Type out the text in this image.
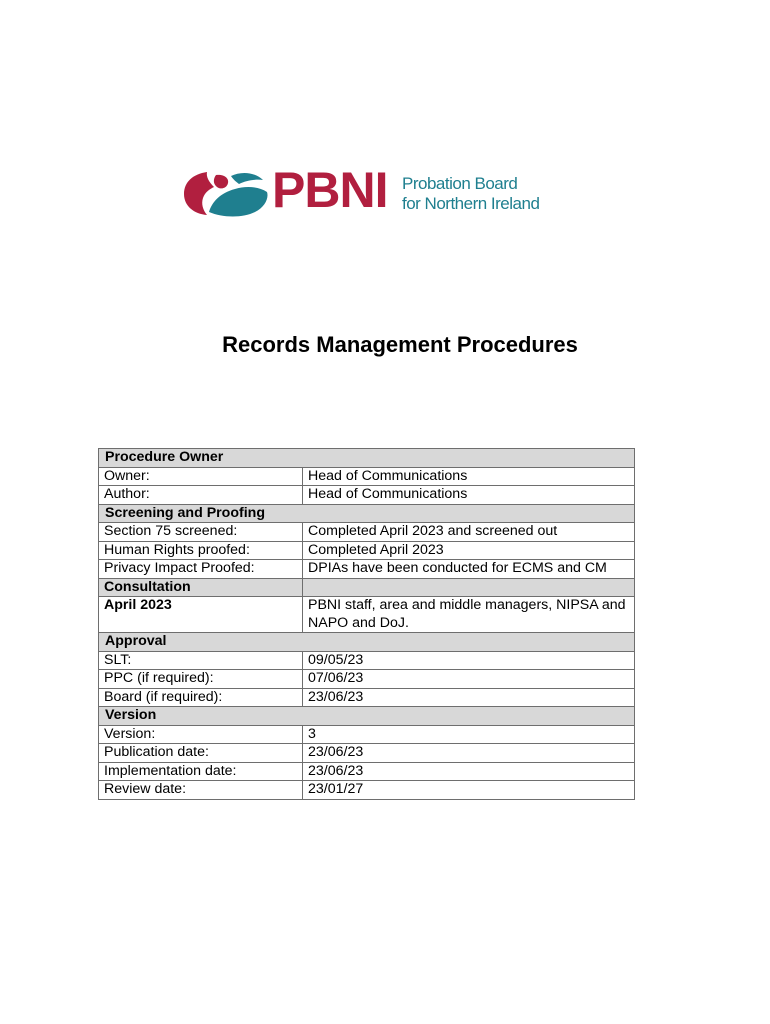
PBNI Probation Board
for Northern Ireland
Records Management Procedures
Procedure Owner	
Owner:	Head of Communications
Author:	Head of Communications
Screening and Proofing	
Section 75 screened:	Completed April 2023 and screened out
Human Rights proofed:	Completed April 2023
Privacy Impact Proofed:	DPIAs have been conducted for ECMS and CM
Consultation	
April 2023	PBNI staff, area and middle managers, NIPSA and NAPO and DoJ.
Approval	
SLT:	09/05/23
PPC (if required):	07/06/23
Board (if required):	23/06/23
Version	
Version:	3
Publication date:	23/06/23
Implementation date:	23/06/23
Review date:	23/01/27
